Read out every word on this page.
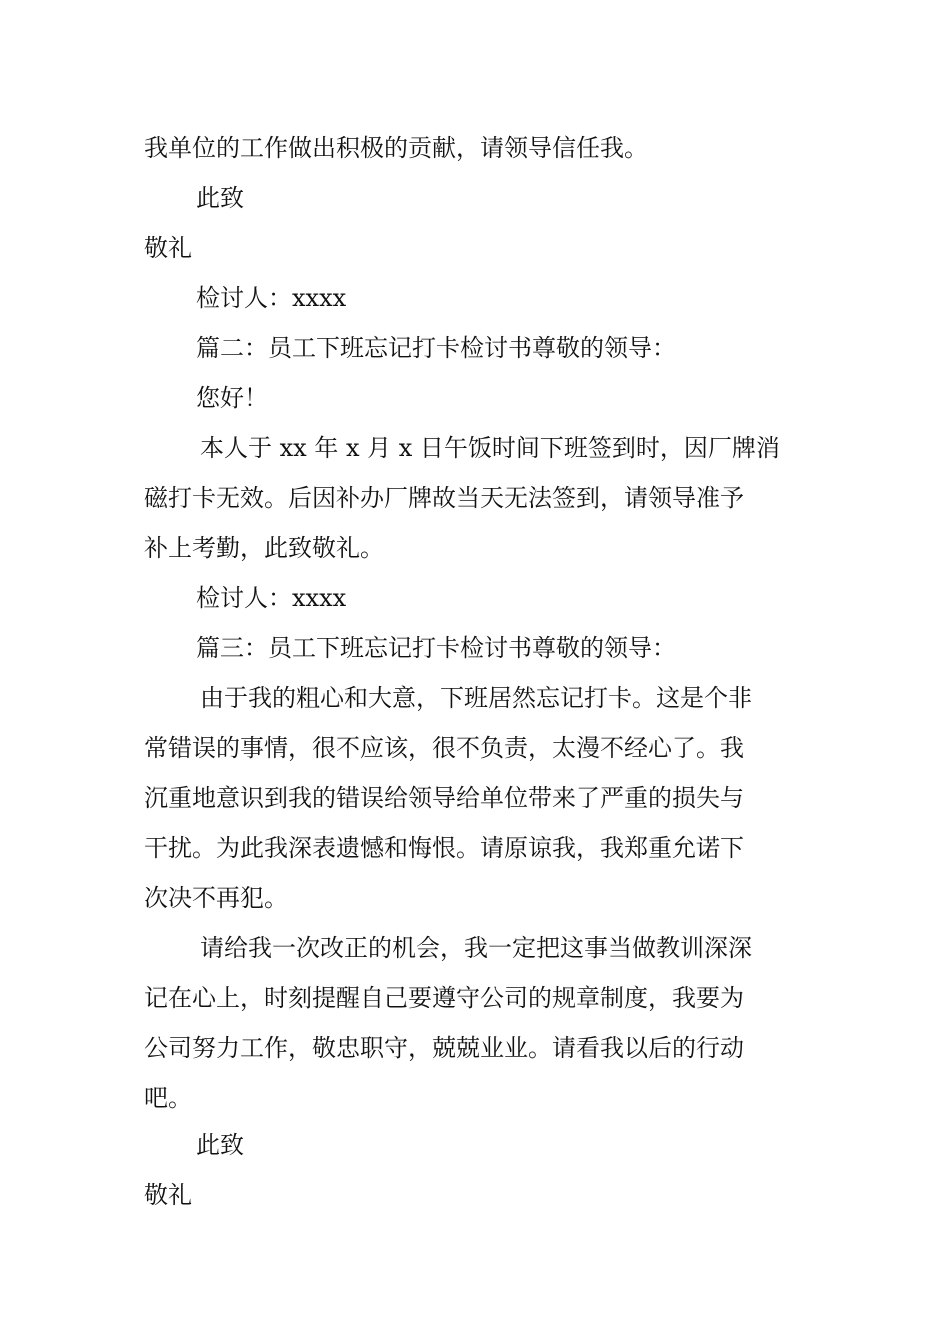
我单位的工作做出积极的贡献，请领导信任我。
此致
敬礼
检讨人：xxxx
篇二：员工下班忘记打卡检讨书尊敬的领导：
您好！
本人于 xx 年 x 月 x 日午饭时间下班签到时，因厂牌消
磁打卡无效。后因补办厂牌故当天无法签到，请领导准予
补上考勤，此致敬礼。
检讨人：xxxx
篇三：员工下班忘记打卡检讨书尊敬的领导：
由于我的粗心和大意，下班居然忘记打卡。这是个非
常错误的事情，很不应该，很不负责，太漫不经心了。我
沉重地意识到我的错误给领导给单位带来了严重的损失与
干扰。为此我深表遗憾和悔恨。请原谅我，我郑重允诺下
次决不再犯。
请给我一次改正的机会，我一定把这事当做教训深深
记在心上，时刻提醒自己要遵守公司的规章制度，我要为
公司努力工作，敬忠职守，兢兢业业。请看我以后的行动
吧。
此致
敬礼
